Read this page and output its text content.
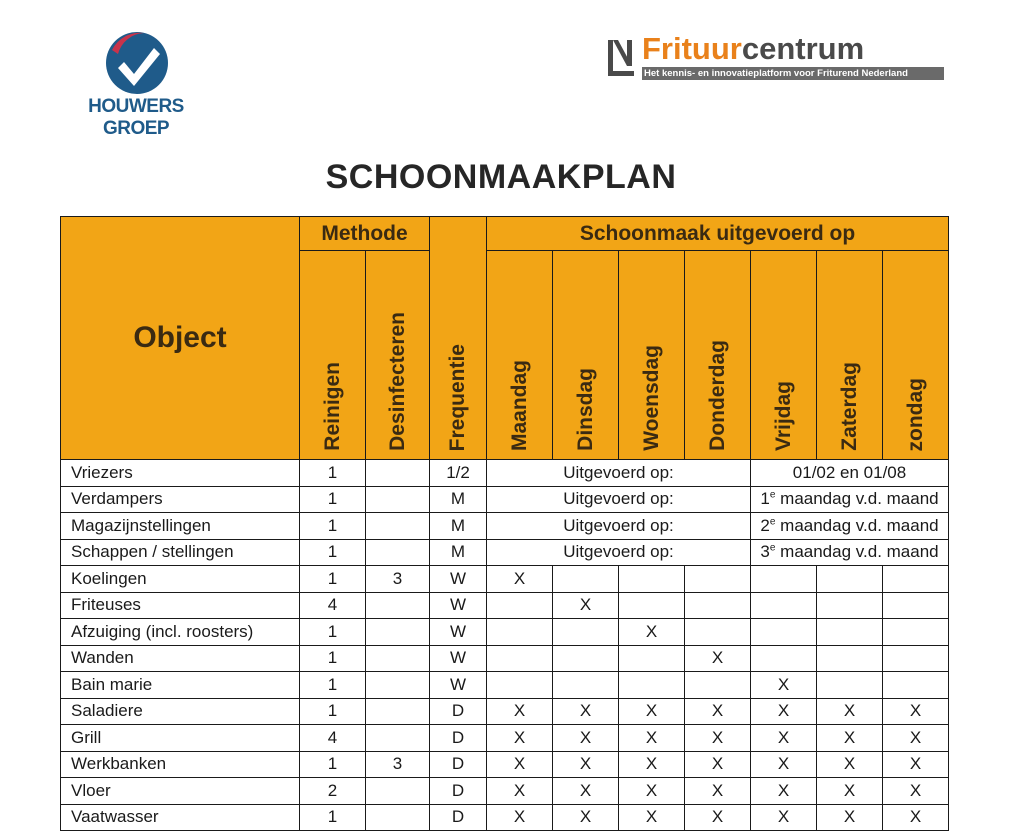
HOUWERS GROEP
Frituurcentrum
Het kennis- en innovatieplatform voor Friturend Nederland
SCHOONMAAKPLAN
Object	Methode		Frequentie	Schoonmaak uitgevoerd op						

	Reinigen	Desinfecteren		Maandag	Dinsdag	Woensdag	Donderdag	Vrijdag	Zaterdag	zondag

Vriezers	1		1/2	Uitgevoerd op:				01/02 en 01/08		
Verdampers	1		M	Uitgevoerd op:				1e maandag v.d. maand		
Magazijnstellingen	1		M	Uitgevoerd op:				2e maandag v.d. maand		
Schappen / stellingen	1		M	Uitgevoerd op:				3e maandag v.d. maand		
Koelingen	1	3	W	X						
Friteuses	4		W		X					
Afzuiging (incl. roosters)	1		W			X				
Wanden	1		W				X			
Bain marie	1		W					X		
Saladiere	1		D	X	X	X	X	X	X	X
Grill	4		D	X	X	X	X	X	X	X
Werkbanken	1	3	D	X	X	X	X	X	X	X
Vloer	2		D	X	X	X	X	X	X	X
Vaatwasser	1		D	X	X	X	X	X	X	X
